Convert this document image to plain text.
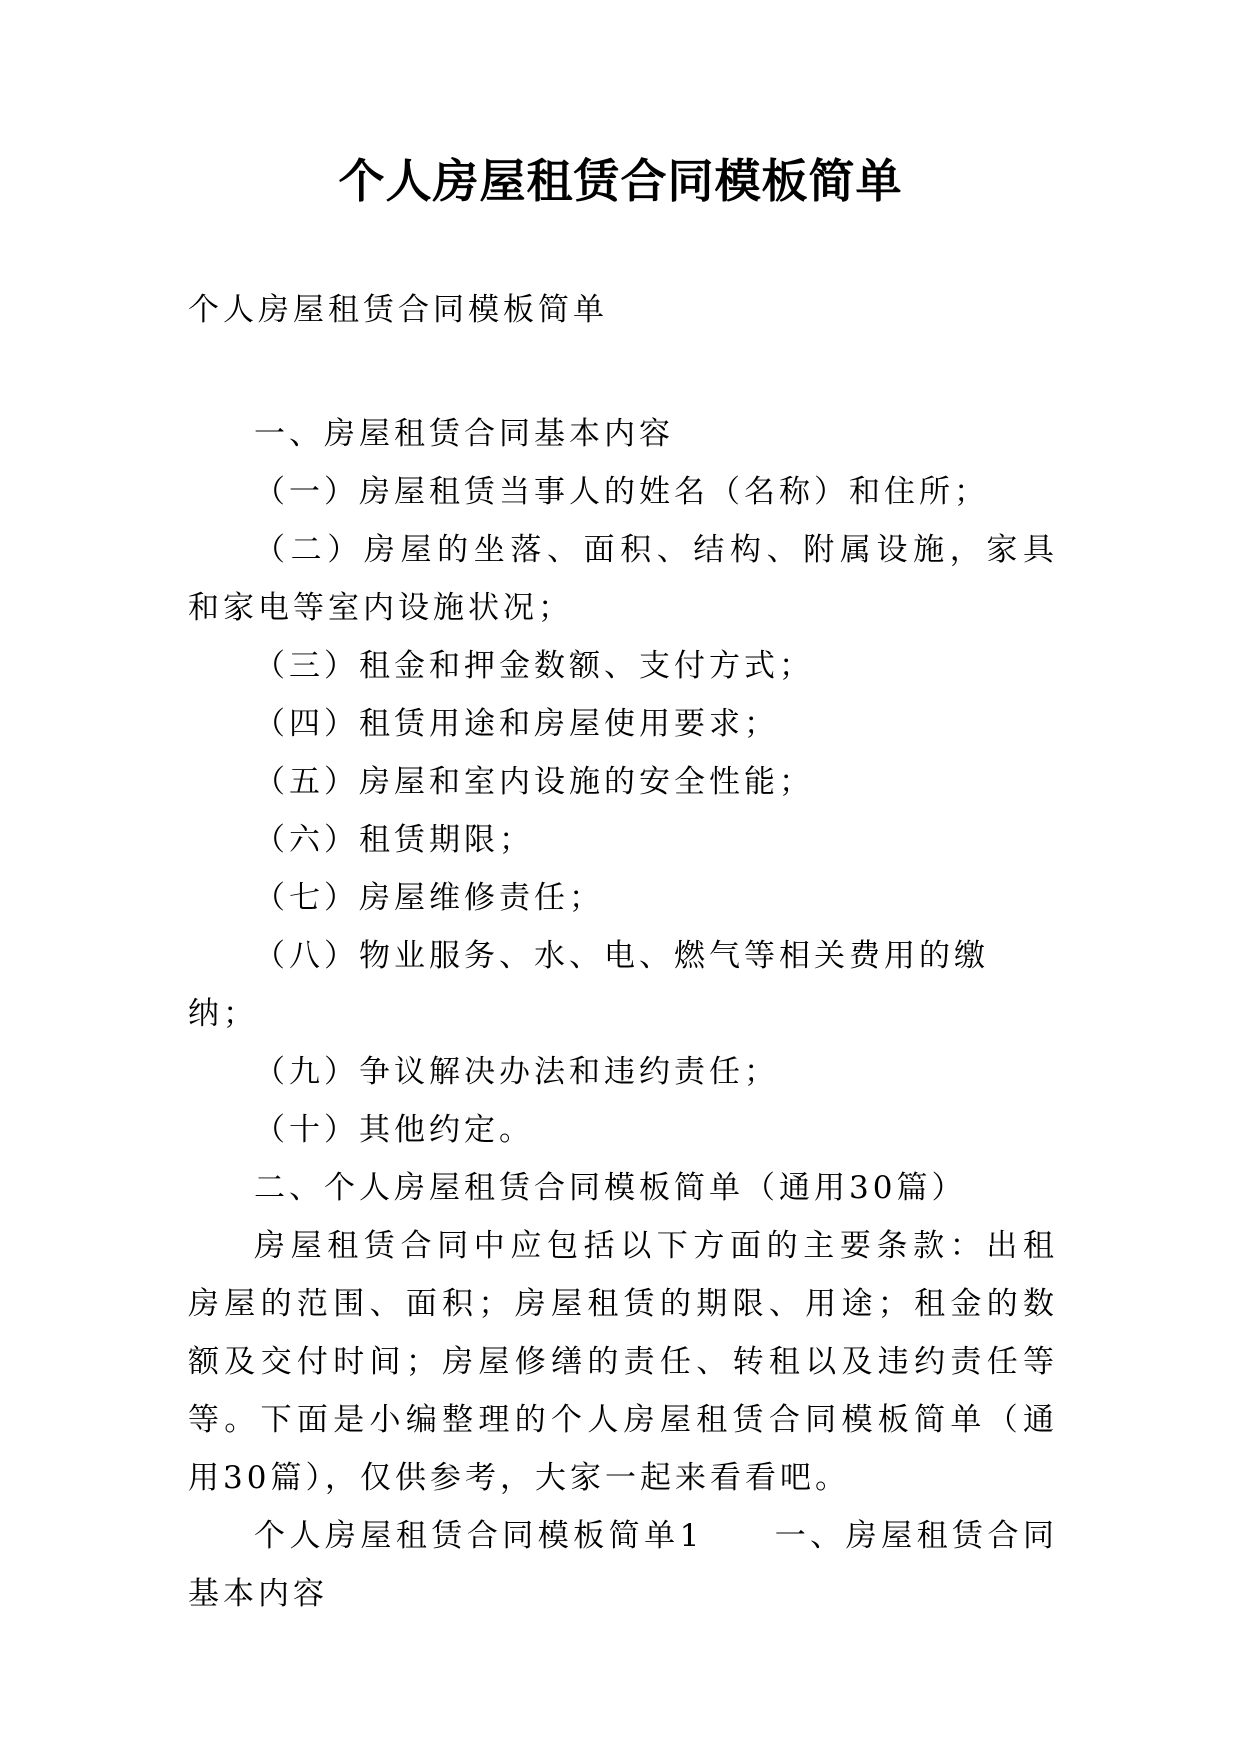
个人房屋租赁合同模板简单

个人房屋租赁合同模板简单

一、房屋租赁合同基本内容

（一）房屋租赁当事人的姓名（名称）和住所；

（二）房屋的坐落、面积、结构、附属设施，家具和家电等室内设施状况；

（三）租金和押金数额、支付方式；

（四）租赁用途和房屋使用要求；

（五）房屋和室内设施的安全性能；

（六）租赁期限；

（七）房屋维修责任；

（八）物业服务、水、电、燃气等相关费用的缴纳；

（九）争议解决办法和违约责任；

（十）其他约定。

二、个人房屋租赁合同模板简单（通用30篇）

房屋租赁合同中应包括以下方面的主要条款：出租房屋的范围、面积；房屋租赁的期限、用途；租金的数额及交付时间；房屋修缮的责任、转租以及违约责任等等。下面是小编整理的个人房屋租赁合同模板简单（通用30篇），仅供参考，大家一起来看看吧。

个人房屋租赁合同模板简单1　　一、房屋租赁合同基本内容
